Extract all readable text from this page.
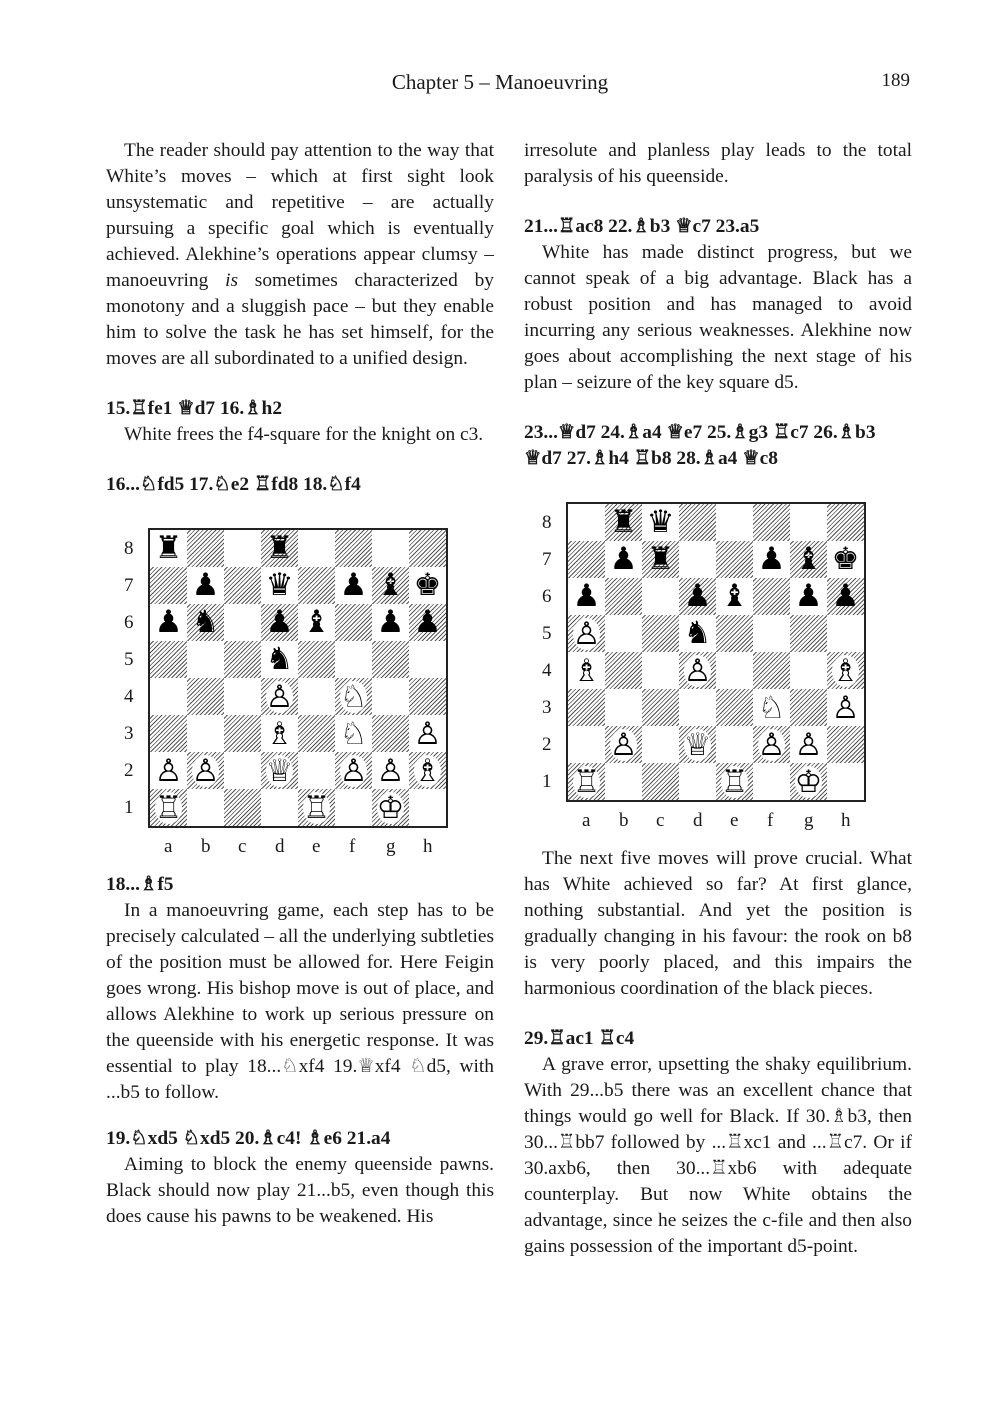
Chapter 5 – Manoeuvring	189

The reader should pay attention to the way that White’s moves – which at first sight look unsystematic and repetitive – are actually pursuing a specific goal which is eventually achieved. Alekhine’s operations appear clumsy – manoeuvring is sometimes characterized by monotony and a sluggish pace – but they enable him to solve the task he has set himself, for the moves are all subordinated to a unified design.

15.♖fe1 ♕d7 16.♗h2

White frees the f4-square for the knight on c3.

16...♘fd5 17.♘e2 ♖fd8 18.♘f4
♜	♜
♟ ♛ ♟ ♝ ♚
♟ ♞ ♟ ♝ ♟ ♟
♞
♙ ♘
♗ ♘ ♙
♙ ♙ ♕ ♙ ♙ ♗
♖	♖ ♔
8
7
6
5
4
3
2
1
a b c d e f g h
18...♗f5

In a manoeuvring game, each step has to be precisely calculated – all the underlying subtleties of the position must be allowed for. Here Feigin goes wrong. His bishop move is out of place, and allows Alekhine to work up serious pressure on the queenside with his energetic response. It was essential to play 18...♘xf4 19.♕xf4 ♘d5, with ...b5 to follow.

19.♘xd5 ♘xd5 20.♗c4! ♗e6 21.a4

Aiming to block the enemy queenside pawns. Black should now play 21...b5, even though this does cause his pawns to be weakened. His

irresolute and planless play leads to the total paralysis of his queenside.

21...♖ac8 22.♗b3 ♕c7 23.a5

White has made distinct progress, but we cannot speak of a big advantage. Black has a robust position and has managed to avoid incurring any serious weaknesses. Alekhine now goes about accomplishing the next stage of his plan – seizure of the key square d5.

23...♕d7 24.♗a4 ♕e7 25.♗g3 ♖c7 26.♗b3 ♕d7 27.♗h4 ♖b8 28.♗a4 ♕c8
♜ ♛
♟ ♜	♟ ♝ ♚
♟	♟ ♝ ♟ ♟
♙	♞
♗	♙	♗
♘ ♙
♙ ♕ ♙ ♙
♖	♖ ♔
8
7
6
5
4
3
2
1
a b c d e f g h

The next five moves will prove crucial. What has White achieved so far? At first glance, nothing substantial. And yet the position is gradually changing in his favour: the rook on b8 is very poorly placed, and this impairs the harmonious coordination of the black pieces.

29.♖ac1 ♖c4

A grave error, upsetting the shaky equilibrium. With 29...b5 there was an excellent chance that things would go well for Black. If 30.♗b3, then 30...♖bb7 followed by ...♖xc1 and ...♖c7. Or if 30.axb6, then 30...♖xb6 with adequate counterplay. But now White obtains the advantage, since he seizes the c-file and then also gains possession of the important d5-point.
